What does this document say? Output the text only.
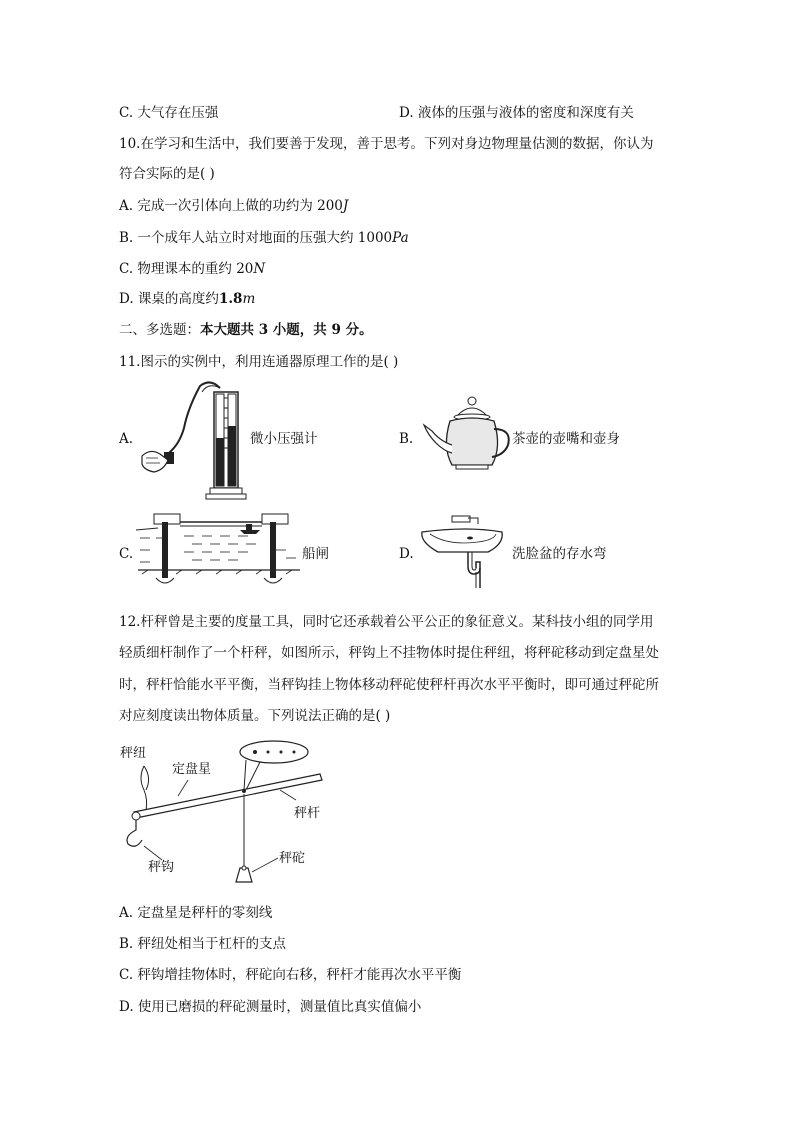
C. 大气存在压强	D. 液体的压强与液体的密度和深度有关
10.在学习和生活中，我们要善于发现，善于思考。下列对身边物理量估测的数据，你认为
符合实际的是( )
A. 完成一次引体向上做的功约为 200J
B. 一个成年人站立时对地面的压强大约 1000Pa
C. 物理课本的重约 20N
D. 课桌的高度约1.8m
二、多选题：本大题共 3 小题，共 9 分。
11.图示的实例中，利用连通器原理工作的是( )
A.	微小压强计	B.	茶壶的壶嘴和壶身
C.	船闸	D.	洗脸盆的存水弯
12.杆秤曾是主要的度量工具，同时它还承载着公平公正的象征意义。某科技小组的同学用
轻质细杆制作了一个杆秤，如图所示，秤钩上不挂物体时提住秤纽，将秤砣移动到定盘星处
时，秤杆恰能水平平衡，当秤钩挂上物体移动秤砣使秤杆再次水平平衡时，即可通过秤砣所
对应刻度读出物体质量。下列说法正确的是( )
秤纽
定盘星
秤杆
秤钩
秤砣
A. 定盘星是秤杆的零刻线
B. 秤纽处相当于杠杆的支点
C. 秤钩增挂物体时，秤砣向右移，秤杆才能再次水平平衡
D. 使用已磨损的秤砣测量时，测量值比真实值偏小
